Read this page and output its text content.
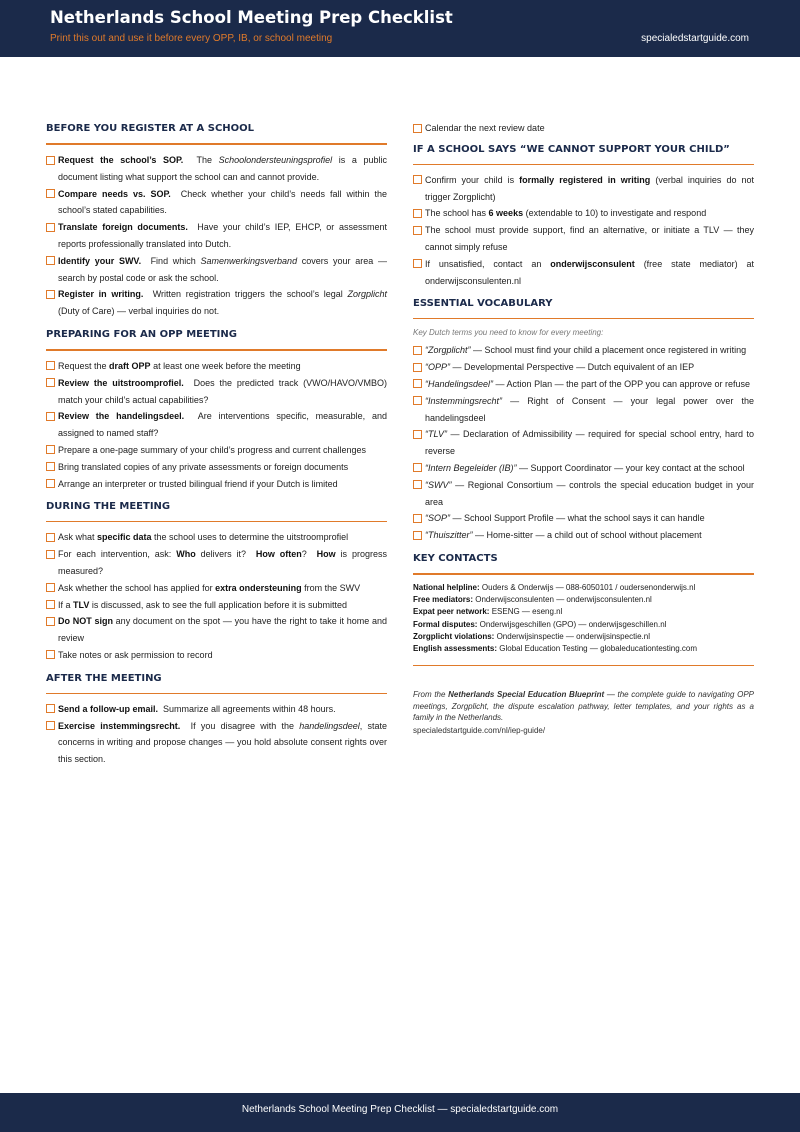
Netherlands School Meeting Prep Checklist
Print this out and use it before every OPP, IB, or school meeting	specialedstartguide.com
BEFORE YOU REGISTER AT A SCHOOL
Request the school’s SOP. The Schoolondersteuningsprofiel is a public document listing what support the school can and cannot provide.
Compare needs vs. SOP. Check whether your child’s needs fall within the school’s stated capabilities.
Translate foreign documents. Have your child’s IEP, EHCP, or assessment reports professionally translated into Dutch.
Identify your SWV. Find which Samenwerkingsverband covers your area — search by postal code or ask the school.
Register in writing. Written registration triggers the school’s legal Zorgplicht (Duty of Care) — verbal inquiries do not.
PREPARING FOR AN OPP MEETING
Request the draft OPP at least one week before the meeting
Review the uitstroomprofiel. Does the predicted track (VWO/HAVO/VMBO) match your child’s actual capabilities?
Review the handelingsdeel. Are interventions specific, measurable, and assigned to named staff?
Prepare a one-page summary of your child’s progress and current challenges
Bring translated copies of any private assessments or foreign documents
Arrange an interpreter or trusted bilingual friend if your Dutch is limited
DURING THE MEETING
Ask what specific data the school uses to determine the uitstroomprofiel
For each intervention, ask: Who delivers it?  How often?  How is progress measured?
Ask whether the school has applied for extra ondersteuning from the SWV
If a TLV is discussed, ask to see the full application before it is submitted
Do NOT sign any document on the spot — you have the right to take it home and review
Take notes or ask permission to record
AFTER THE MEETING
Send a follow-up email. Summarize all agreements within 48 hours.
Exercise instemmingsrecht. If you disagree with the handelingsdeel, state concerns in writing and propose changes — you hold absolute consent rights over this section.
Calendar the next review date
IF A SCHOOL SAYS “WE CANNOT SUPPORT YOUR CHILD”
Confirm your child is formally registered in writing (verbal inquiries do not trigger Zorgplicht)
The school has 6 weeks (extendable to 10) to investigate and respond
The school must provide support, find an alternative, or initiate a TLV — they cannot simply refuse
If unsatisfied, contact an onderwijsconsulent (free state mediator) at onderwijsconsulenten.nl
ESSENTIAL VOCABULARY
Key Dutch terms you need to know for every meeting:
“Zorgplicht” — School must find your child a placement once registered in writing
“OPP” — Developmental Perspective — Dutch equivalent of an IEP
“Handelingsdeel” — Action Plan — the part of the OPP you can approve or refuse
“Instemmingsrecht” — Right of Consent — your legal power over the handelingsdeel
“TLV” — Declaration of Admissibility — required for special school entry, hard to reverse
“Intern Begeleider (IB)” — Support Coordinator — your key contact at the school
“SWV” — Regional Consortium — controls the special education budget in your area
“SOP” — School Support Profile — what the school says it can handle
“Thuiszitter” — Home-sitter — a child out of school without placement
KEY CONTACTS
National helpline: Ouders & Onderwijs — 088-6050101 / oudersenonderwijs.nl
Free mediators: Onderwijsconsulenten — onderwijsconsulenten.nl
Expat peer network: ESENG — eseng.nl
Formal disputes: Onderwijsgeschillen (GPO) — onderwijsgeschillen.nl
Zorgplicht violations: Onderwijsinspectie — onderwijsinspectie.nl
English assessments: Global Education Testing — globaleducationtesting.com
From the Netherlands Special Education Blueprint — the complete guide to navigating OPP meetings, Zorgplicht, the dispute escalation pathway, letter templates, and your rights as a family in the Netherlands.
specialedstartguide.com/nl/iep-guide/
Netherlands School Meeting Prep Checklist — specialedstartguide.com
